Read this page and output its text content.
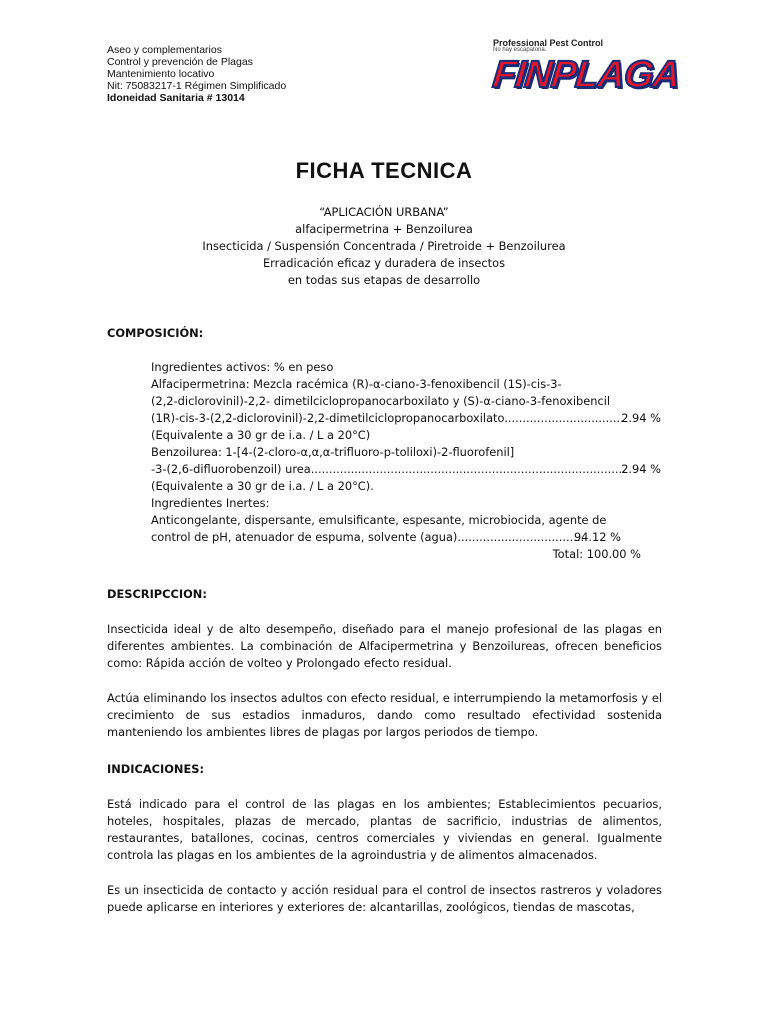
Aseo y complementarios
Control y prevención de Plagas
Mantenimiento locativo
Nit: 75083217-1 Régimen Simplificado
Idoneidad Sanitaria # 13014
Professional Pest Control
No hay escapatoria.
FINPLAGA
FICHA TECNICA
“APLICACIÓN URBANA”
alfacipermetrina + Benzoilurea
Insecticida / Suspensión Concentrada / Piretroide + Benzoilurea
Erradicación eficaz y duradera de insectos
en todas sus etapas de desarrollo
COMPOSICIÓN:
Ingredientes activos: % en peso
Alfacipermetrina: Mezcla racémica (R)-α-ciano-3-fenoxibencil (1S)-cis-3-
(2,2-diclorovinil)-2,2- dimetilciclopropanocarboxilato y (S)-α-ciano-3-fenoxibencil
(1R)-cis-3-(2,2-diclorovinil)-2,2-dimetilciclopropanocarboxilato.................................
2.94 %
(Equivalente a 30 gr de i.a. / L a 20°C)
Benzoilurea: 1-[4-(2-cloro-α,α,α-trifluoro-p-toliloxi)-2-fluorofenil]
-3-(2,6-difluorobenzoil) urea.......................................................................................
2.94 %
(Equivalente a 30 gr de i.a. / L a 20°C).
Ingredientes Inertes:
Anticongelante, dispersante, emulsificante, espesante, microbiocida, agente de
control de pH, atenuador de espuma, solvente (agua)....................................
94.12 %
Total: 100.00 %
DESCRIPCCION:
Insecticida ideal y de alto desempeño, diseñado para el manejo profesional de las plagas en diferentes ambientes. La combinación de Alfacipermetrina y Benzoilureas, ofrecen beneficios como: Rápida acción de volteo y Prolongado efecto residual.
Actúa eliminando los insectos adultos con efecto residual, e interrumpiendo la metamorfosis y el crecimiento de sus estadios inmaduros, dando como resultado efectividad sostenida manteniendo los ambientes libres de plagas por largos periodos de tiempo.
INDICACIONES:
Está indicado para el control de las plagas en los ambientes; Establecimientos pecuarios, hoteles, hospitales, plazas de mercado, plantas de sacrificio, industrias de alimentos, restaurantes, batallones, cocinas, centros comerciales y viviendas en general. Igualmente controla las plagas en los ambientes de la agroindustria y de alimentos almacenados.
Es un insecticida de contacto y acción residual para el control de insectos rastreros y voladores puede aplicarse en interiores y exteriores de: alcantarillas, zoológicos, tiendas de mascotas,
